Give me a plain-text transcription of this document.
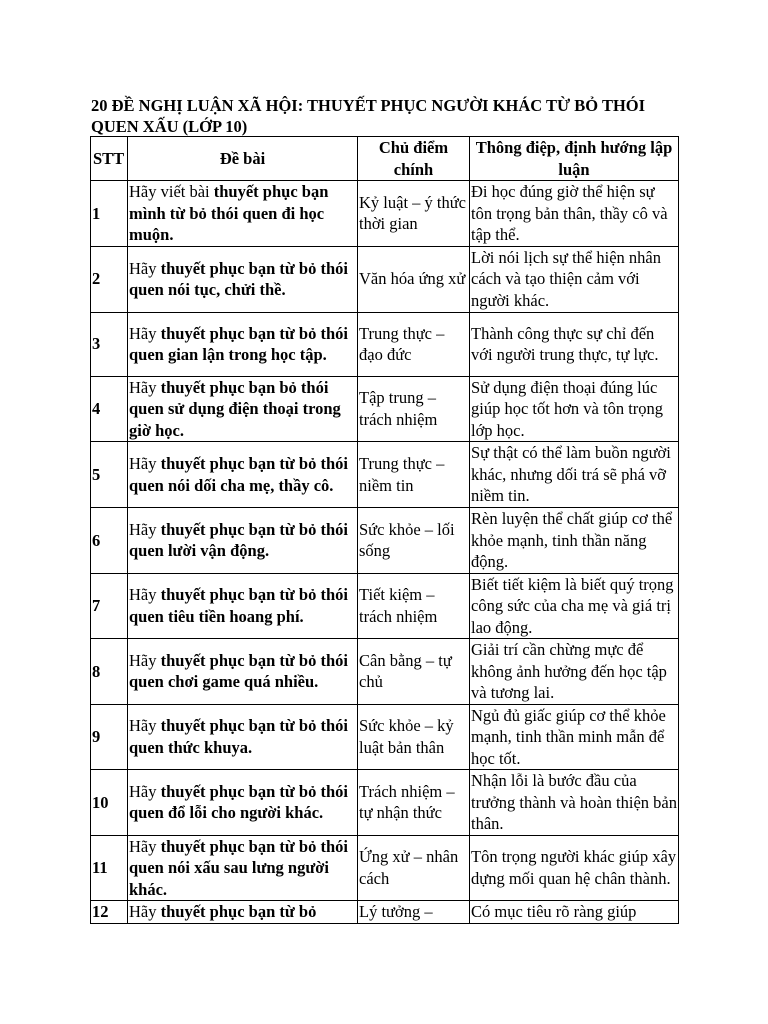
20 ĐỀ NGHỊ LUẬN XÃ HỘI: THUYẾT PHỤC NGƯỜI KHÁC TỪ BỎ THÓI QUEN XẤU (LỚP 10)
STT	Đề bài	Chủ điểm chính	Thông điệp, định hướng lập luận
1	Hãy viết bài thuyết phục bạn mình từ bỏ thói quen đi học muộn.	Kỷ luật – ý thức thời gian	Đi học đúng giờ thể hiện sự tôn trọng bản thân, thầy cô và tập thể.
2	Hãy thuyết phục bạn từ bỏ thói quen nói tục, chửi thề.	Văn hóa ứng xử	Lời nói lịch sự thể hiện nhân cách và tạo thiện cảm với người khác.
3	Hãy thuyết phục bạn từ bỏ thói quen gian lận trong học tập.	Trung thực – đạo đức	Thành công thực sự chỉ đến với người trung thực, tự lực.
4	Hãy thuyết phục bạn bỏ thói quen sử dụng điện thoại trong giờ học.	Tập trung – trách nhiệm	Sử dụng điện thoại đúng lúc giúp học tốt hơn và tôn trọng lớp học.
5	Hãy thuyết phục bạn từ bỏ thói quen nói dối cha mẹ, thầy cô.	Trung thực – niềm tin	Sự thật có thể làm buồn người khác, nhưng dối trá sẽ phá vỡ niềm tin.
6	Hãy thuyết phục bạn từ bỏ thói quen lười vận động.	Sức khỏe – lối sống	Rèn luyện thể chất giúp cơ thể khỏe mạnh, tinh thần năng động.
7	Hãy thuyết phục bạn từ bỏ thói quen tiêu tiền hoang phí.	Tiết kiệm – trách nhiệm	Biết tiết kiệm là biết quý trọng công sức của cha mẹ và giá trị lao động.
8	Hãy thuyết phục bạn từ bỏ thói quen chơi game quá nhiều.	Cân bằng – tự chủ	Giải trí cần chừng mực để không ảnh hưởng đến học tập và tương lai.
9	Hãy thuyết phục bạn từ bỏ thói quen thức khuya.	Sức khỏe – kỷ luật bản thân	Ngủ đủ giấc giúp cơ thể khỏe mạnh, tinh thần minh mẫn để học tốt.
10	Hãy thuyết phục bạn từ bỏ thói quen đổ lỗi cho người khác.	Trách nhiệm – tự nhận thức	Nhận lỗi là bước đầu của trưởng thành và hoàn thiện bản thân.
11	Hãy thuyết phục bạn từ bỏ thói quen nói xấu sau lưng người khác.	Ứng xử – nhân cách	Tôn trọng người khác giúp xây dựng mối quan hệ chân thành.
12	Hãy thuyết phục bạn từ bỏ	Lý tưởng –	Có mục tiêu rõ ràng giúp
